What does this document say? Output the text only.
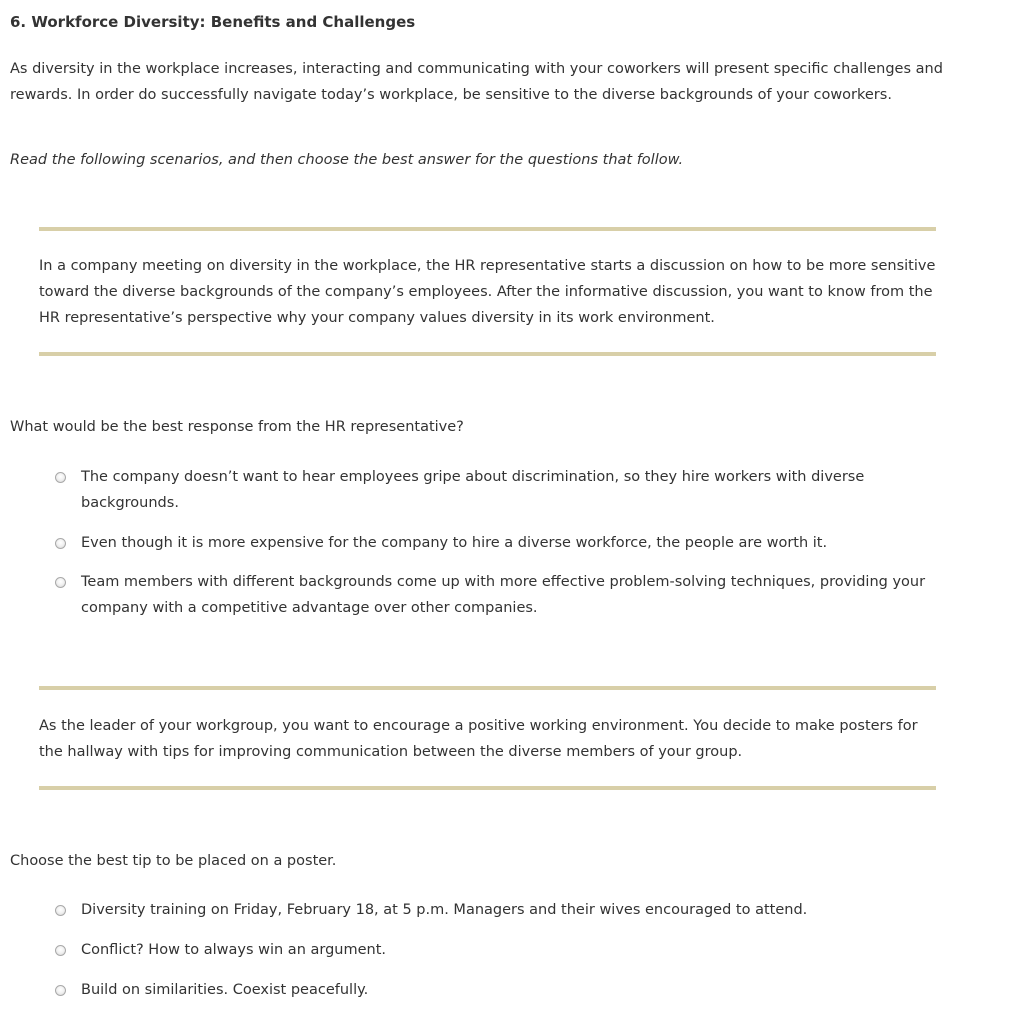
6. Workforce Diversity: Benefits and Challenges
As diversity in the workplace increases, interacting and communicating with your coworkers will present specific challenges and rewards. In order do successfully navigate today’s workplace, be sensitive to the diverse backgrounds of your coworkers.
Read the following scenarios, and then choose the best answer for the questions that follow.
In a company meeting on diversity in the workplace, the HR representative starts a discussion on how to be more sensitive toward the diverse backgrounds of the company’s employees. After the informative discussion, you want to know from the HR representative’s perspective why your company values diversity in its work environment.
What would be the best response from the HR representative?
The company doesn’t want to hear employees gripe about discrimination, so they hire workers with diverse backgrounds.
Even though it is more expensive for the company to hire a diverse workforce, the people are worth it.
Team members with different backgrounds come up with more effective problem-solving techniques, providing your company with a competitive advantage over other companies.
As the leader of your workgroup, you want to encourage a positive working environment. You decide to make posters for the hallway with tips for improving communication between the diverse members of your group.
Choose the best tip to be placed on a poster.
Diversity training on Friday, February 18, at 5 p.m. Managers and their wives encouraged to attend.
Conflict? How to always win an argument.
Build on similarities. Coexist peacefully.
